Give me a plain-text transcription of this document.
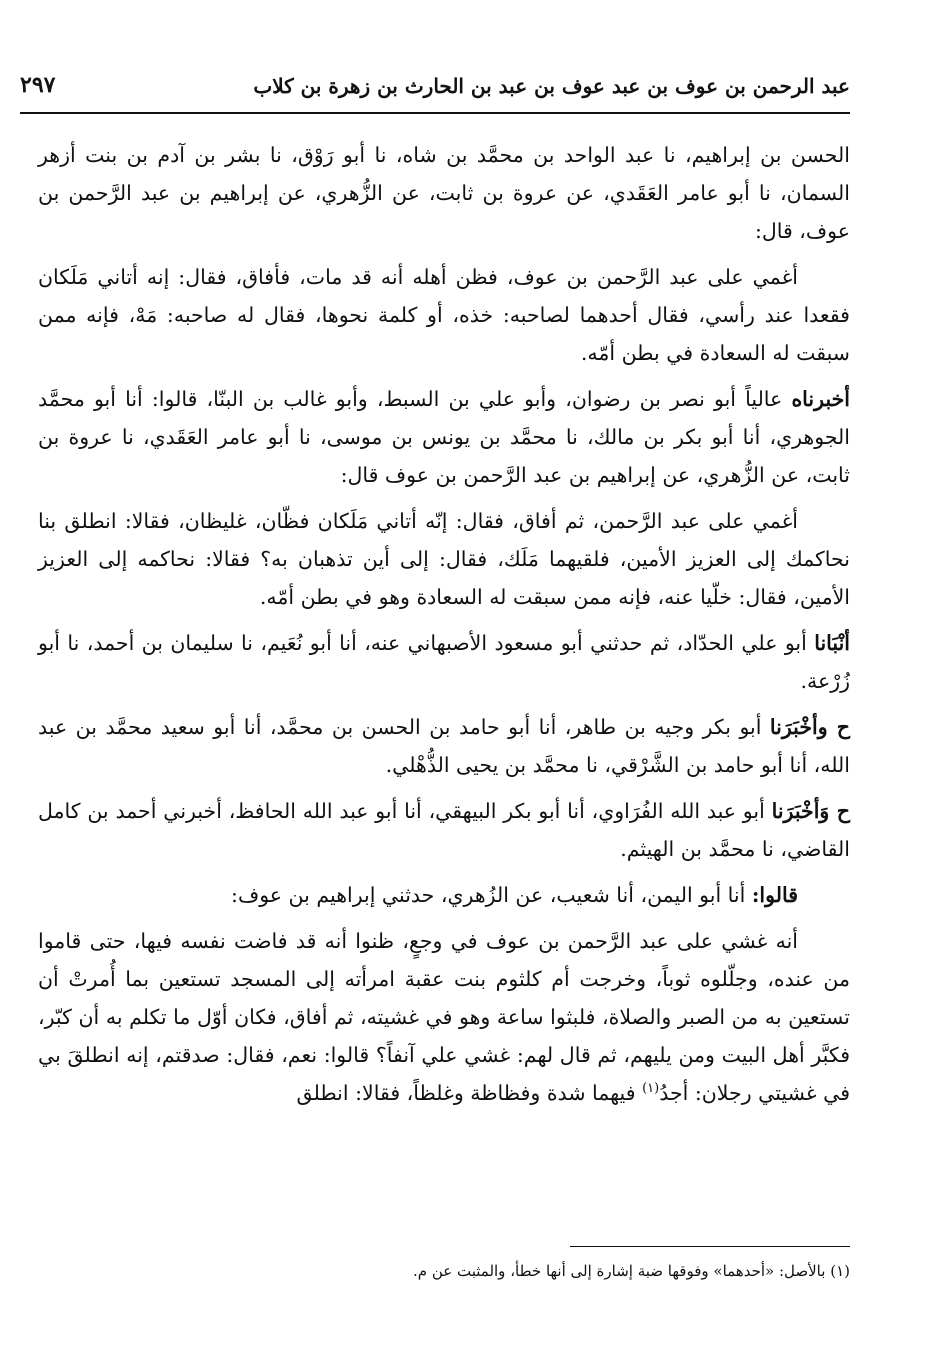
عبد الرحمن بن عوف بن عبد عوف بن عبد بن الحارث بن زهرة بن كلاب
٢٩٧

الحسن بن إبراهيم، نا عبد الواحد بن محمَّد بن شاه، نا أبو رَوْق، نا بشر بن آدم بن بنت أزهر السمان، نا أبو عامر العَقَدي، عن عروة بن ثابت، عن الزُّهري، عن إبراهيم بن عبد الرَّحمن بن عوف، قال:

أغمي على عبد الرَّحمن بن عوف، فظن أهله أنه قد مات، فأفاق، فقال: إنه أتاني مَلَكان فقعدا عند رأسي، فقال أحدهما لصاحبه: خذه، أو كلمة نحوها، فقال له صاحبه: مَهْ، فإنه ممن سبقت له السعادة في بطن أمّه.

أخبرناه عالياً أبو نصر بن رضوان، وأبو علي بن السبط، وأبو غالب بن البنّا، قالوا: أنا أبو محمَّد الجوهري، أنا أبو بكر بن مالك، نا محمَّد بن يونس بن موسى، نا أبو عامر العَقَدي، نا عروة بن ثابت، عن الزُّهري، عن إبراهيم بن عبد الرَّحمن بن عوف قال:

أغمي على عبد الرَّحمن، ثم أفاق، فقال: إنّه أتاني مَلَكان فظّان، غليظان، فقالا: انطلق بنا نحاكمك إلى العزيز الأمين، فلقيهما مَلَك، فقال: إلى أين تذهبان به؟ فقالا: نحاكمه إلى العزيز الأمين، فقال: خلّيا عنه، فإنه ممن سبقت له السعادة وهو في بطن أمّه.

أنْبَانا أبو علي الحدّاد، ثم حدثني أبو مسعود الأصبهاني عنه، أنا أبو نُعَيم، نا سليمان بن أحمد، نا أبو زُرْعة.

ح وأخْبَرَنا أبو بكر وجيه بن طاهر، أنا أبو حامد بن الحسن بن محمَّد، أنا أبو سعيد محمَّد بن عبد الله، أنا أبو حامد بن الشَّرْقي، نا محمَّد بن يحيى الذُّهْلي.

ح وَأخْبَرَنا أبو عبد الله الفُرَاوي، أنا أبو بكر البيهقي، أنا أبو عبد الله الحافظ، أخبرني أحمد بن كامل القاضي، نا محمَّد بن الهيثم.

قالوا: أنا أبو اليمن، أنا شعيب، عن الزُهري، حدثني إبراهيم بن عوف:

أنه غشي على عبد الرَّحمن بن عوف في وجعٍ، ظنوا أنه قد فاضت نفسه فيها، حتى قاموا من عنده، وجلّلوه ثوباً، وخرجت أم كلثوم بنت عقبة امرأته إلى المسجد تستعين بما أُمرتْ أن تستعين به من الصبر والصلاة، فلبثوا ساعة وهو في غشيته، ثم أفاق، فكان أوّل ما تكلم به أن كبّر، فكبَّر أهل البيت ومن يليهم، ثم قال لهم: غشي علي آنفاً؟ قالوا: نعم، فقال: صدقتم، إنه انطلقَ بي في غشيتي رجلان: أجدُ$^{(١)}$ فيهما شدة وفظاظة وغلظاً، فقالا: انطلق

(١) بالأصل: «أحدهما» وفوقها ضبة إشارة إلى أنها خطأ، والمثبت عن م.
